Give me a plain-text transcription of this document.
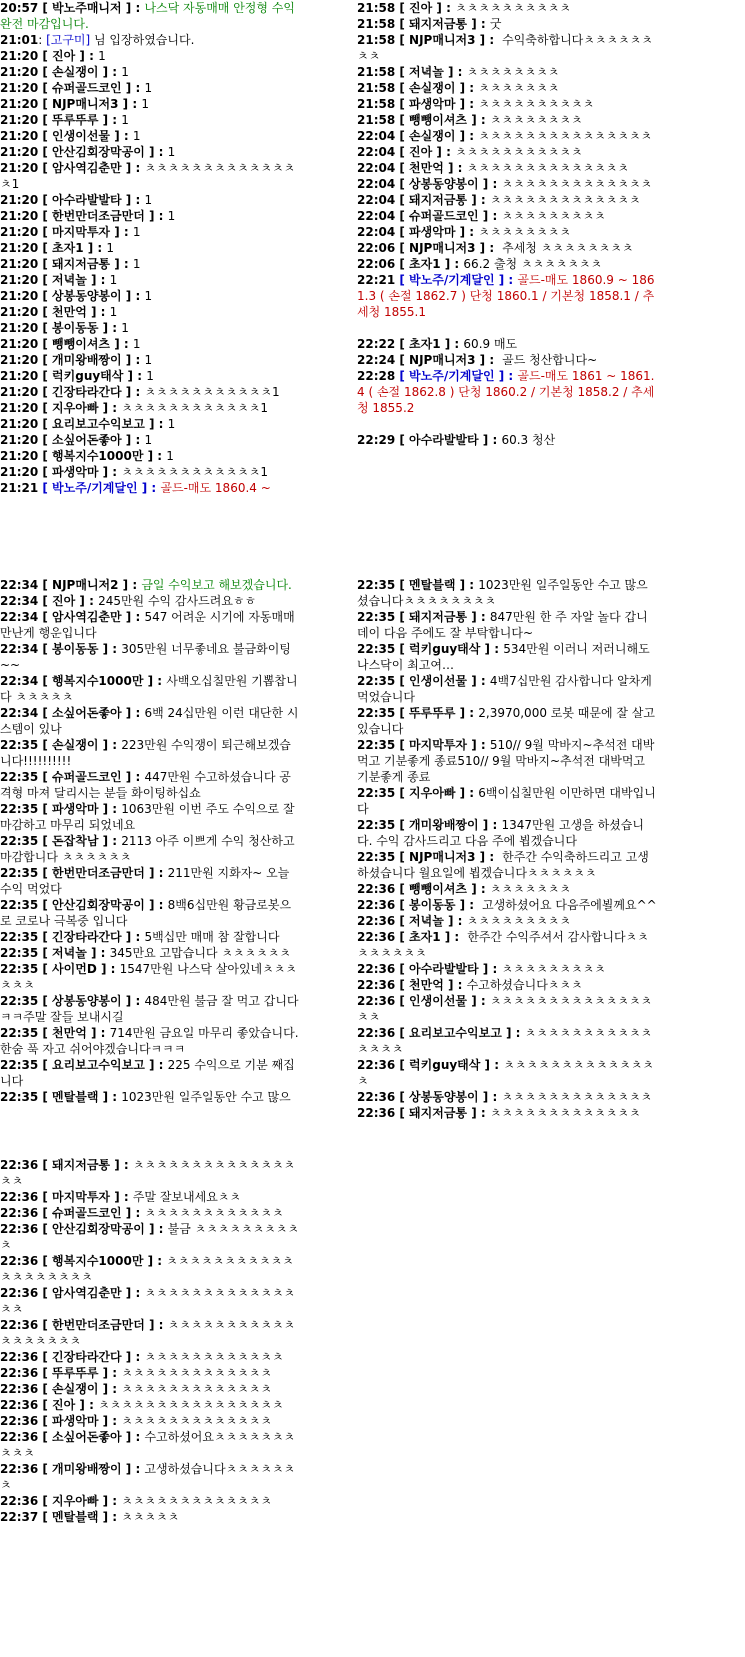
20:57 [ 박노주매니저 ] : 나스닥 자동매매 안정형 수익 완전 마감입니다.
21:01: [고구미] 님 입장하였습니다.
21:20 [ 진아 ] : 1
21:20 [ 손실쟁이 ] : 1
21:20 [ 슈퍼골드코인 ] : 1
21:20 [ NJP매니저3 ] : 1
21:20 [ 뚜루뚜루 ] : 1
21:20 [ 인생이선물 ] : 1
21:20 [ 안산김회장막공이 ] : 1
21:20 [ 암사역김춘만 ] : ㅊㅊㅊㅊㅊㅊㅊㅊㅊㅊㅊㅊㅊㅊ1
21:20 [ 아수라발발타 ] : 1
21:20 [ 한번만더조금만더 ] : 1
21:20 [ 마지막투자 ] : 1
21:20 [ 초자1 ] : 1
21:20 [ 돼지저금통 ] : 1
21:20 [ 저녁놀 ] : 1
21:20 [ 상봉동양봉이 ] : 1
21:20 [ 천만억 ] : 1
21:20 [ 봉이동동 ] : 1
21:20 [ 뺑뺑이셔츠 ] : 1
21:20 [ 개미왕배짱이 ] : 1
21:20 [ 럭키guy태삭 ] : 1
21:20 [ 긴장타라간다 ] : ㅊㅊㅊㅊㅊㅊㅊㅊㅊㅊㅊ1
21:20 [ 지우아빠 ] : ㅊㅊㅊㅊㅊㅊㅊㅊㅊㅊㅊㅊ1
21:20 [ 요리보고수익보고 ] : 1
21:20 [ 소싶어돈좋아 ] : 1
21:20 [ 행복지수1000만 ] : 1
21:20 [ 파생악마 ] : ㅊㅊㅊㅊㅊㅊㅊㅊㅊㅊㅊㅊ1
21:21 [ 박노주/기계달인 ] : 골드-매도 1860.4 ~
21:58 [ 진아 ] : ㅊㅊㅊㅊㅊㅊㅊㅊㅊㅊ
21:58 [ 돼지저금통 ] : 굿
21:58 [ NJP매니저3 ] :  수익축하합니다ㅊㅊㅊㅊㅊㅊㅊㅊ
21:58 [ 저녁놀 ] : ㅊㅊㅊㅊㅊㅊㅊㅊ
21:58 [ 손실쟁이 ] : ㅊㅊㅊㅊㅊㅊㅊ
21:58 [ 파생악마 ] : ㅊㅊㅊㅊㅊㅊㅊㅊㅊㅊ
21:58 [ 뺑뺑이셔츠 ] : ㅊㅊㅊㅊㅊㅊㅊㅊ
22:04 [ 손실쟁이 ] : ㅊㅊㅊㅊㅊㅊㅊㅊㅊㅊㅊㅊㅊㅊㅊ
22:04 [ 진아 ] : ㅊㅊㅊㅊㅊㅊㅊㅊㅊㅊㅊ
22:04 [ 천만억 ] : ㅊㅊㅊㅊㅊㅊㅊㅊㅊㅊㅊㅊㅊㅊ
22:04 [ 상봉동양봉이 ] : ㅊㅊㅊㅊㅊㅊㅊㅊㅊㅊㅊㅊㅊ
22:04 [ 돼지저금통 ] : ㅊㅊㅊㅊㅊㅊㅊㅊㅊㅊㅊㅊㅊ
22:04 [ 슈퍼골드코인 ] : ㅊㅊㅊㅊㅊㅊㅊㅊㅊ
22:04 [ 파생악마 ] : ㅊㅊㅊㅊㅊㅊㅊㅊ
22:06 [ NJP매니저3 ] :  추세청 ㅊㅊㅊㅊㅊㅊㅊㅊ
22:06 [ 초자1 ] : 66.2 출청 ㅊㅊㅊㅊㅊㅊㅊ
22:21 [ 박노주/기계달인 ] : 골드-매도 1860.9 ~ 1861.3 ( 손절 1862.7 ) 단청 1860.1 / 기본청 1858.1 / 추세청 1855.1
22:22 [ 초자1 ] : 60.9 매도
22:24 [ NJP매니저3 ] :  골드 청산합니다~
22:28 [ 박노주/기계달인 ] : 골드-매도 1861 ~ 1861.4 ( 손절 1862.8 ) 단청 1860.2 / 기본청 1858.2 / 추세청 1855.2
22:29 [ 아수라발발타 ] : 60.3 청산
22:34 [ NJP매니저2 ] : 금일 수익보고 해보겠습니다.
22:34 [ 진아 ] : 245만원 수익 감사드려요ㅎㅎ
22:34 [ 암사역김춘만 ] : 547 어려운 시기에 자동매매 만난게 행운입니다
22:34 [ 봉이동동 ] : 305만원 너무좋네요 불금화이팅~~
22:34 [ 행복지수1000만 ] : 사백오십칠만원 기뽑찹니다 ㅊㅊㅊㅊㅊ
22:34 [ 소싶어돈좋아 ] : 6백 24십만원 이런 대단한 시스템이 있나
22:35 [ 손실쟁이 ] : 223만원 수익쟁이 퇴근해보겠습니다!!!!!!!!!!
22:35 [ 슈퍼골드코인 ] : 447만원 수고하셨습니다 공격형 마져 달리시는 분들 화이팅하십쇼
22:35 [ 파생악마 ] : 1063만원 이번 주도 수익으로 잘 마감하고 마무리 되었네요
22:35 [ 돈잡착남 ] : 2113 아주 이쁘게 수익 청산하고 마감합니다 ㅊㅊㅊㅊㅊㅊ
22:35 [ 한번만더조금만더 ] : 211만원 지화자~ 오늘 수익 먹었다
22:35 [ 안산김회장막공이 ] : 8백6십만원 황금로봇으로 코로나 극복중 입니다
22:35 [ 긴장타라간다 ] : 5백십만 매매 참 잘합니다
22:35 [ 저녁놀 ] : 345만요 고맙습니다 ㅊㅊㅊㅊㅊㅊ
22:35 [ 사이먼D ] : 1547만원 나스닥 살아있네ㅊㅊㅊㅊㅊㅊ
22:35 [ 상봉동양봉이 ] : 484만원 불금 잘 먹고 갑니다ㅋㅋ주말 잘들 보내시길
22:35 [ 천만억 ] : 714만원 금요일 마무리 좋았습니다. 한숨 푹 자고 쉬어야겠습니다ㅋㅋㅋ
22:35 [ 요리보고수익보고 ] : 225 수익으로 기분 째집니다
22:35 [ 멘탈블랙 ] : 1023만원 일주일동안 수고 많으
22:35 [ 멘탈블랙 ] : 1023만원 일주일동안 수고 많으셨습니다ㅊㅊㅊㅊㅊㅊㅊㅊ
22:35 [ 돼지저금통 ] : 847만원 한 주 자알 놀다 갑니데이 다음 주에도 잘 부탁합니다~
22:35 [ 럭키guy태삭 ] : 534만원 이러니 저러니해도 나스닥이 최고여…
22:35 [ 인생이선물 ] : 4백7십만원 감사합니다 알차게 먹었습니다
22:35 [ 뚜루뚜루 ] : 2,3970,000 로봇 때문에 잘 살고 있습니다
22:35 [ 마지막투자 ] : 510// 9월 막바지~추석전 대박먹고 기분좋게 종료510// 9월 막바지~추석전 대박먹고 기분좋게 종료
22:35 [ 지우아빠 ] : 6백이십칠만원 이만하면 대박입니다
22:35 [ 개미왕배짱이 ] : 1347만원 고생을 하셨습니다. 수익 감사드리고 다음 주에 뵙겠습니다
22:35 [ NJP매니저3 ] :  한주간 수익축하드리고 고생하셨습니다 월요일에 뵙겠습니다ㅊㅊㅊㅊㅊㅊ
22:36 [ 뺑뺑이셔츠 ] : ㅊㅊㅊㅊㅊㅊㅊ
22:36 [ 봉이동동 ] :  고생하셨어요 다음주에뵐께요^^
22:36 [ 저녁놀 ] : ㅊㅊㅊㅊㅊㅊㅊㅊㅊ
22:36 [ 초자1 ] :  한주간 수익주셔서 감사합니다ㅊㅊㅊㅊㅊㅊㅊㅊ
22:36 [ 아수라발발타 ] : ㅊㅊㅊㅊㅊㅊㅊㅊㅊ
22:36 [ 천만억 ] : 수고하셨습니다ㅊㅊㅊ
22:36 [ 인생이선물 ] : ㅊㅊㅊㅊㅊㅊㅊㅊㅊㅊㅊㅊㅊㅊㅊㅊ
22:36 [ 요리보고수익보고 ] : ㅊㅊㅊㅊㅊㅊㅊㅊㅊㅊㅊㅊㅊㅊㅊ
22:36 [ 럭키guy태삭 ] : ㅊㅊㅊㅊㅊㅊㅊㅊㅊㅊㅊㅊㅊㅊ
22:36 [ 상봉동양봉이 ] : ㅊㅊㅊㅊㅊㅊㅊㅊㅊㅊㅊㅊㅊ
22:36 [ 돼지저금통 ] : ㅊㅊㅊㅊㅊㅊㅊㅊㅊㅊㅊㅊㅊ
22:36 [ 돼지저금통 ] : ㅊㅊㅊㅊㅊㅊㅊㅊㅊㅊㅊㅊㅊㅊㅊㅊ
22:36 [ 마지막투자 ] : 주말 잘보내세요ㅊㅊ
22:36 [ 슈퍼골드코인 ] : ㅊㅊㅊㅊㅊㅊㅊㅊㅊㅊㅊㅊ
22:36 [ 안산김회장막공이 ] : 불금 ㅊㅊㅊㅊㅊㅊㅊㅊㅊㅊ
22:36 [ 행복지수1000만 ] : ㅊㅊㅊㅊㅊㅊㅊㅊㅊㅊㅊㅊㅊㅊㅊㅊㅊㅊㅊ
22:36 [ 암사역김춘만 ] : ㅊㅊㅊㅊㅊㅊㅊㅊㅊㅊㅊㅊㅊㅊㅊ
22:36 [ 한번만더조금만더 ] : ㅊㅊㅊㅊㅊㅊㅊㅊㅊㅊㅊㅊㅊㅊㅊㅊㅊㅊ
22:36 [ 긴장타라간다 ] : ㅊㅊㅊㅊㅊㅊㅊㅊㅊㅊㅊㅊ
22:36 [ 뚜루뚜루 ] : ㅊㅊㅊㅊㅊㅊㅊㅊㅊㅊㅊㅊㅊ
22:36 [ 손실쟁이 ] : ㅊㅊㅊㅊㅊㅊㅊㅊㅊㅊㅊㅊㅊ
22:36 [ 진아 ] : ㅊㅊㅊㅊㅊㅊㅊㅊㅊㅊㅊㅊㅊㅊㅊㅊ
22:36 [ 파생악마 ] : ㅊㅊㅊㅊㅊㅊㅊㅊㅊㅊㅊㅊㅊ
22:36 [ 소싶어돈좋아 ] : 수고하셨어요ㅊㅊㅊㅊㅊㅊㅊㅊㅊㅊ
22:36 [ 개미왕배짱이 ] : 고생하셨습니다ㅊㅊㅊㅊㅊㅊㅊ
22:36 [ 지우아빠 ] : ㅊㅊㅊㅊㅊㅊㅊㅊㅊㅊㅊㅊㅊ
22:37 [ 멘탈블랙 ] : ㅊㅊㅊㅊㅊ
